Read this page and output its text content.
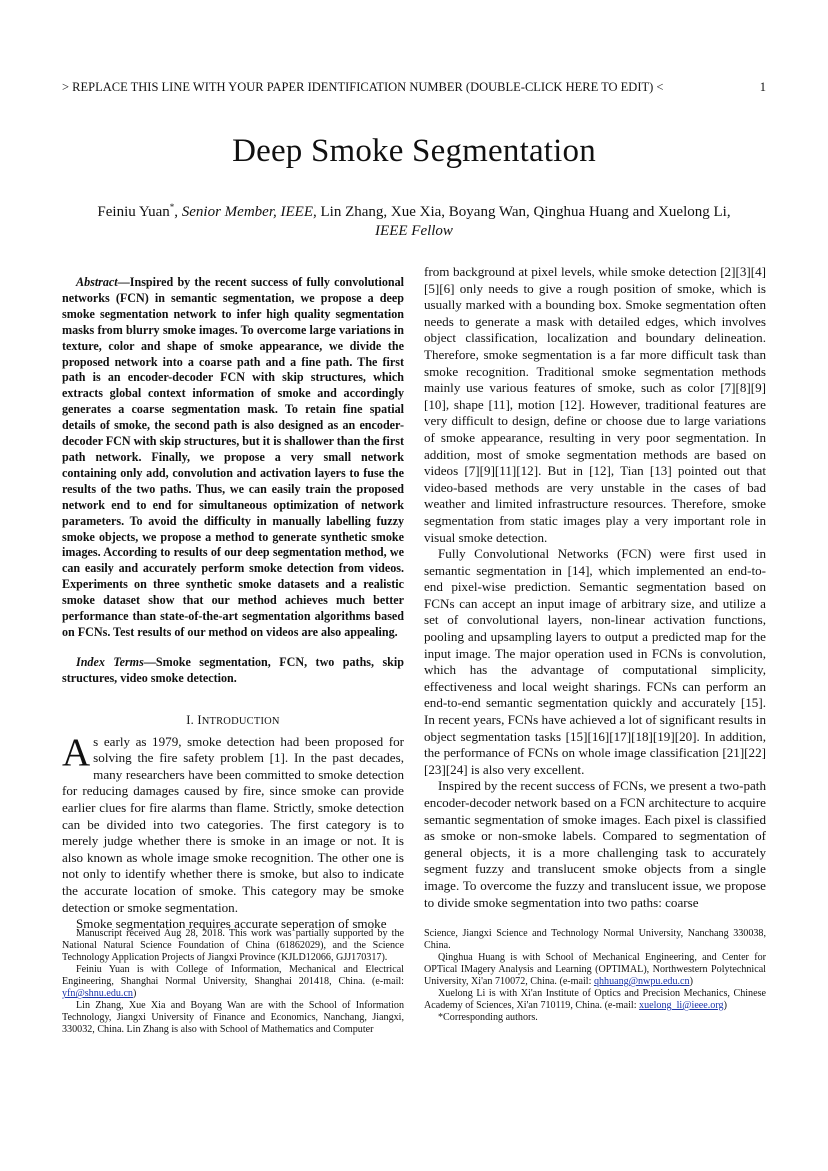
> REPLACE THIS LINE WITH YOUR PAPER IDENTIFICATION NUMBER (DOUBLE-CLICK HERE TO EDIT) <	1
Deep Smoke Segmentation
Feiniu Yuan*, Senior Member, IEEE, Lin Zhang, Xue Xia, Boyang Wan, Qinghua Huang and Xuelong Li, IEEE Fellow
Abstract—Inspired by the recent success of fully convolutional networks (FCN) in semantic segmentation, we propose a deep smoke segmentation network to infer high quality segmentation masks from blurry smoke images. To overcome large variations in texture, color and shape of smoke appearance, we divide the proposed network into a coarse path and a fine path. The first path is an encoder-decoder FCN with skip structures, which extracts global context information of smoke and accordingly generates a coarse segmentation mask. To retain fine spatial details of smoke, the second path is also designed as an encoder-decoder FCN with skip structures, but it is shallower than the first path network. Finally, we propose a very small network containing only add, convolution and activation layers to fuse the results of the two paths. Thus, we can easily train the proposed network end to end for simultaneous optimization of network parameters. To avoid the difficulty in manually labelling fuzzy smoke objects, we propose a method to generate synthetic smoke images. According to results of our deep segmentation method, we can easily and accurately perform smoke detection from videos. Experiments on three synthetic smoke datasets and a realistic smoke dataset show that our method achieves much better performance than state-of-the-art segmentation algorithms based on FCNs. Test results of our method on videos are also appealing.
Index Terms—Smoke segmentation, FCN, two paths, skip structures, video smoke detection.
I. INTRODUCTION

As early as 1979, smoke detection had been proposed for solving the fire safety problem [1]. In the past decades, many researchers have been committed to smoke detection for reducing damages caused by fire, since smoke can provide earlier clues for fire alarms than flame. Strictly, smoke detection can be divided into two categories. The first category is to merely judge whether there is smoke in an image or not. It is also known as whole image smoke recognition. The other one is not only to identify whether there is smoke, but also to indicate the accurate location of smoke. This category may be smoke detection or smoke segmentation.

Smoke segmentation requires accurate seperation of smoke

from background at pixel levels, while smoke detection [2][3][4][5][6] only needs to give a rough position of smoke, which is usually marked with a bounding box. Smoke segmentation often needs to generate a mask with detailed edges, which involves object classification, localization and boundary delineation. Therefore, smoke segmentation is a far more difficult task than smoke recognition. Traditional smoke segmentation methods mainly use various features of smoke, such as color [7][8][9][10], shape [11], motion [12]. However, traditional features are very difficult to design, define or choose due to large variations of smoke appearance, resulting in very poor segmentation. In addition, most of smoke segmentation methods are based on videos [7][9][11][12]. But in [12], Tian [13] pointed out that video-based methods are very unstable in the cases of bad weather and limited infrastructure resources. Therefore, smoke segmentation from static images play a very important role in visual smoke detection.

Fully Convolutional Networks (FCN) were first used in semantic segmentation in [14], which implemented an end-to-end pixel-wise prediction. Semantic segmentation based on FCNs can accept an input image of arbitrary size, and utilize a set of convolutional layers, non-linear activation functions, pooling and upsampling layers to output a predicted map for the input image. The major operation used in FCNs is convolution, which has the advantage of computational simplicity, effectiveness and local weight sharings. FCNs can perform an end-to-end semantic segmentation quickly and accurately [15]. In recent years, FCNs have achieved a lot of significant results in object segmentation tasks [15][16][17][18][19][20]. In addition, the performance of FCNs on whole image classification [21][22][23][24] is also very excellent.

Inspired by the recent success of FCNs, we present a two-path encoder-decoder network based on a FCN architecture to acquire semantic segmentation of smoke images. Each pixel is classified as smoke or non-smoke labels. Compared to segmentation of general objects, it is a more challenging task to accurately segment fuzzy and translucent smoke objects from a single image. To overcome the fuzzy and translucent issue, we propose to divide smoke segmentation into two paths: coarse

Manuscript received Aug 28, 2018. This work was partially supported by the National Natural Science Foundation of China (61862029), and the Science Technology Application Projects of Jiangxi Province (KJLD12066, GJJ170317).

Feiniu Yuan is with College of Information, Mechanical and Electrical Engineering, Shanghai Normal University, Shanghai 201418, China. (e-mail: yfn@shnu.edu.cn)

Lin Zhang, Xue Xia and Boyang Wan are with the School of Information Technology, Jiangxi University of Finance and Economics, Nanchang, Jiangxi, 330032, China. Lin Zhang is also with School of Mathematics and Computer

Science, Jiangxi Science and Technology Normal University, Nanchang 330038, China.

Qinghua Huang is with School of Mechanical Engineering, and Center for OPTical IMagery Analysis and Learning (OPTIMAL), Northwestern Polytechnical University, Xi'an 710072, China. (e-mail: qhhuang@nwpu.edu.cn)

Xuelong Li is with Xi'an Institute of Optics and Precision Mechanics, Chinese Academy of Sciences, Xi'an 710119, China. (e-mail: xuelong_li@ieee.org)

*Corresponding authors.
